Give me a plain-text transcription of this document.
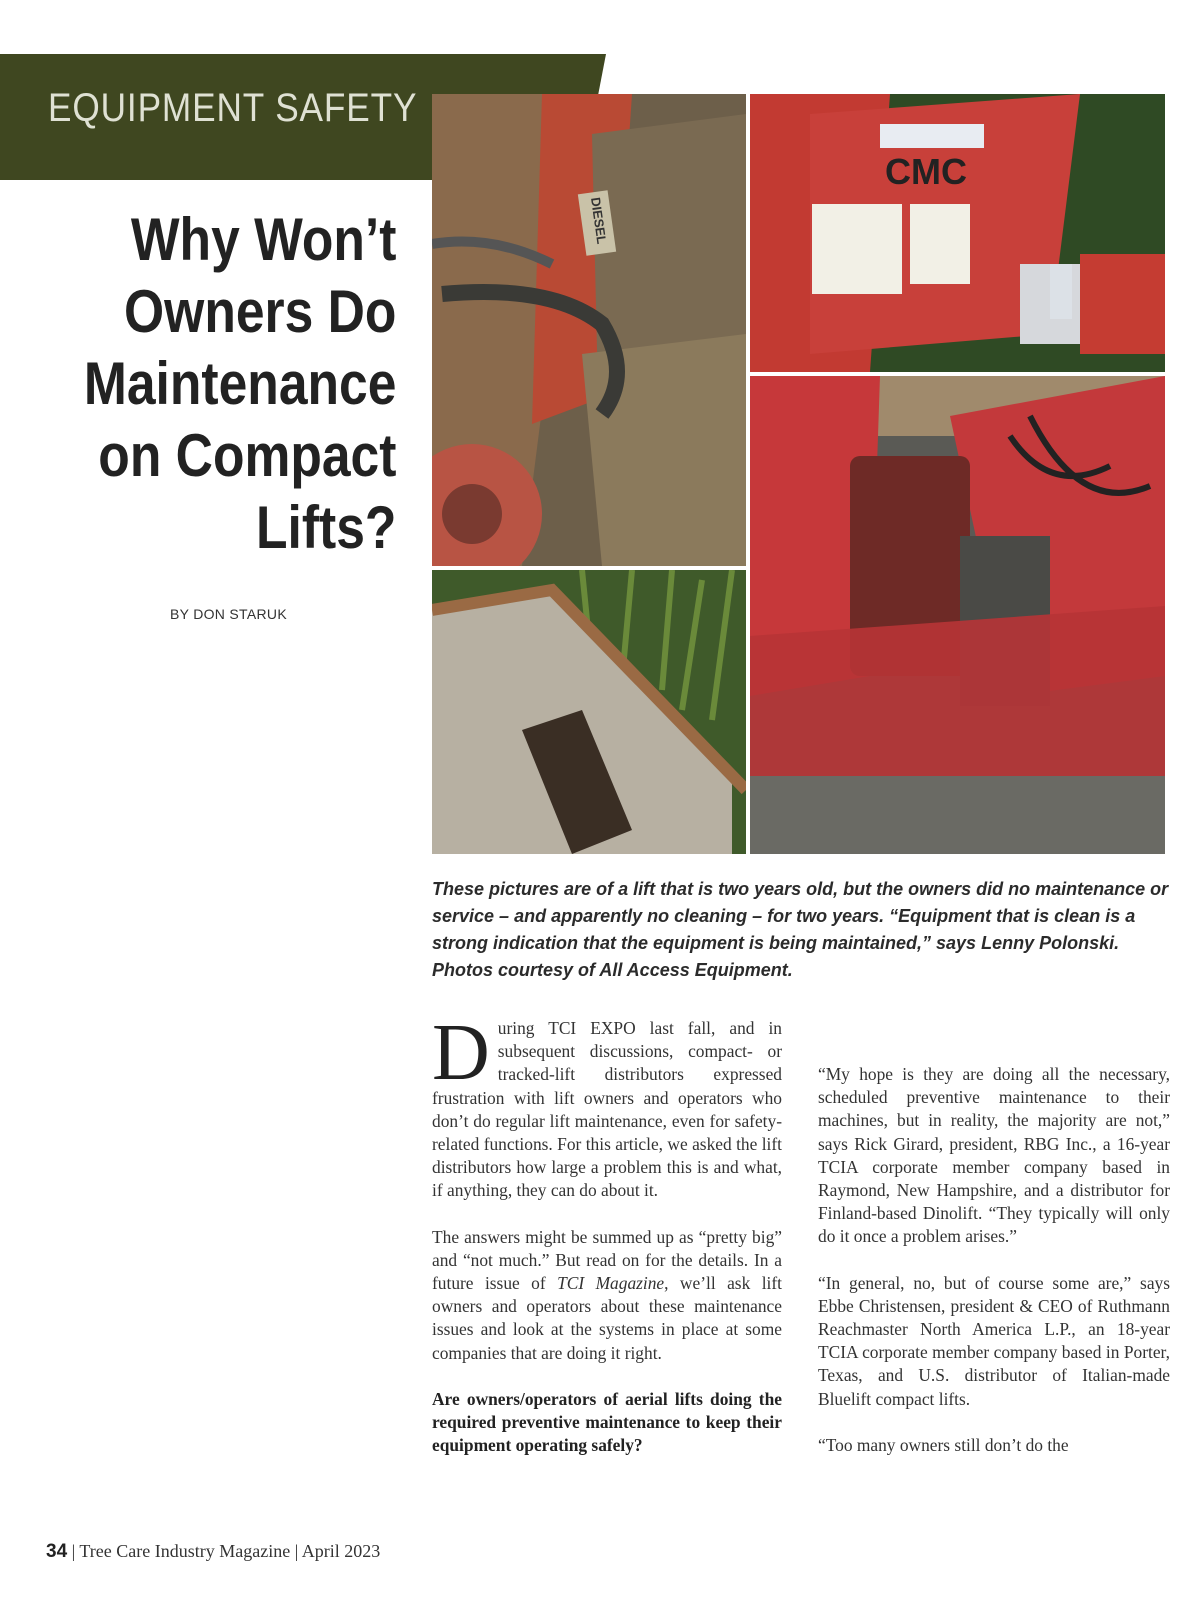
EQUIPMENT SAFETY
Why Won’t
Owners Do
Maintenance
on Compact
Lifts?
BY DON STARUK
DIESEL
CMC
These pictures are of a lift that is two years old, but the owners did no maintenance or service – and apparently no cleaning – for two years. “Equipment that is clean is a strong indication that the equipment is being maintained,” says Lenny Polonski. Photos courtesy of All Access Equipment.

During TCI EXPO last fall, and in subsequent discussions, compact- or tracked-lift distributors expressed frustration with lift owners and operators who don’t do regular lift maintenance, even for safety-related functions. For this article, we asked the lift distributors how large a problem this is and what, if anything, they can do about it.

The answers might be summed up as “pretty big” and “not much.” But read on for the details. In a future issue of TCI Magazine, we’ll ask lift owners and operators about these maintenance issues and look at the systems in place at some companies that are doing it right.

Are owners/operators of aerial lifts doing the required preventive maintenance to keep their equipment operating safely?

“My hope is they are doing all the necessary, scheduled preventive maintenance to their machines, but in reality, the majority are not,” says Rick Girard, president, RBG Inc., a 16-year TCIA corporate member company based in Raymond, New Hampshire, and a distributor for Finland-based Dinolift. “They typically will only do it once a problem arises.”

“In general, no, but of course some are,” says Ebbe Christensen, president & CEO of Ruthmann Reachmaster North America L.P., an 18-year TCIA corporate member company based in Porter, Texas, and U.S. distributor of Italian-made Bluelift compact lifts.

“Too many owners still don’t do the

34 | Tree Care Industry Magazine | April 2023
